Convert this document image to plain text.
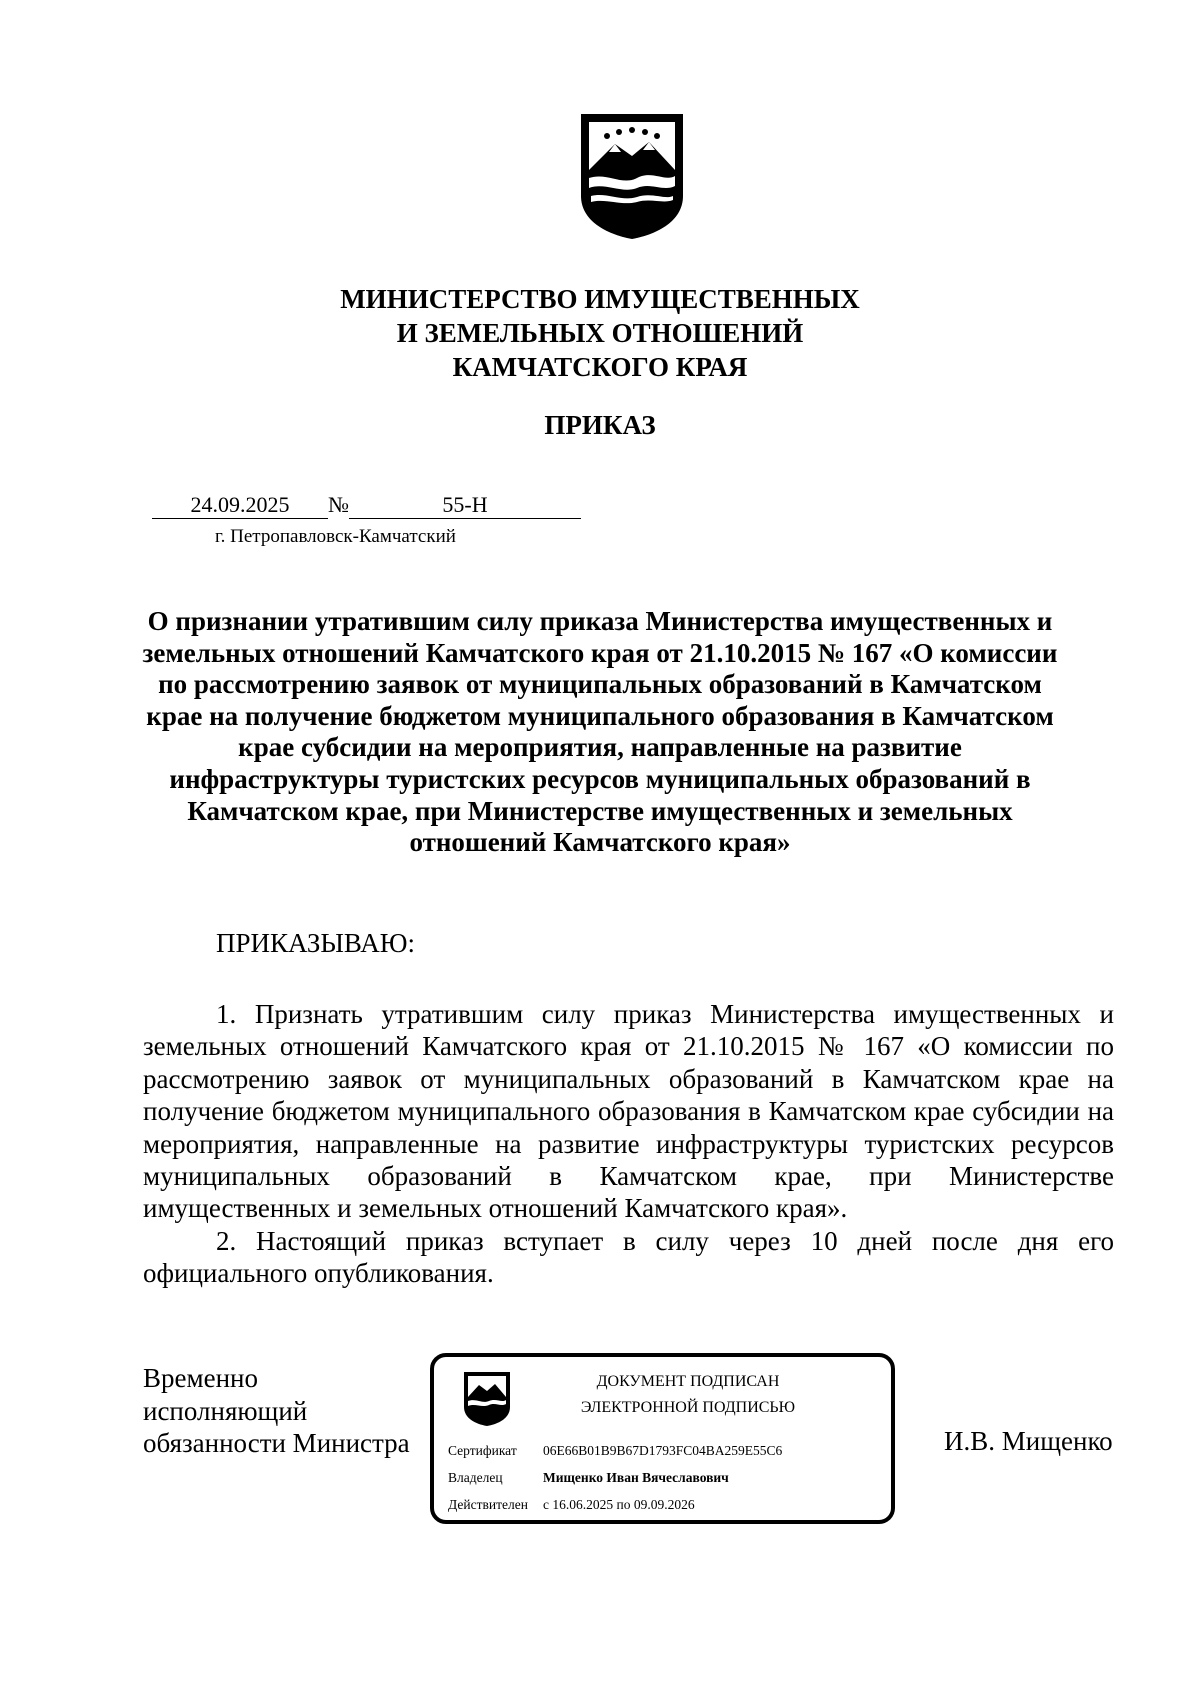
МИНИСТЕРСТВО ИМУЩЕСТВЕННЫХ
И ЗЕМЕЛЬНЫХ ОТНОШЕНИЙ
КАМЧАТСКОГО КРАЯ
ПРИКАЗ
24.09.2025 №	55-Н
г. Петропавловск-Камчатский
О признании утратившим силу приказа Министерства имущественных и земельных отношений Камчатского края от 21.10.2015 № 167 «О комиссии по рассмотрению заявок от муниципальных образований в Камчатском крае на получение бюджетом муниципального образования в Камчатском крае субсидии на мероприятия, направленные на развитие инфраструктуры туристских ресурсов муниципальных образований в Камчатском крае, при Министерстве имущественных и земельных отношений Камчатского края»
ПРИКАЗЫВАЮ:
1. Признать утратившим силу приказ Министерства имущественных и земельных отношений Камчатского края от 21.10.2015 № 167 «О комиссии по рассмотрению заявок от муниципальных образований в Камчатском крае на получение бюджетом муниципального образования в Камчатском крае субсидии на мероприятия, направленные на развитие инфраструктуры туристских ресурсов муниципальных образований в Камчатском крае, при Министерстве имущественных и земельных отношений Камчатского края».
2. Настоящий приказ вступает в силу через 10 дней после дня его официального опубликования.
Временно
исполняющий
обязанности Министра
ДОКУМЕНТ ПОДПИСАН
ЭЛЕКТРОННОЙ ПОДПИСЬЮ
Сертификат 06E66B01B9B67D1793FC04BA259E55C6
Владелец	Мищенко Иван Вячеславович
Действителен с 16.06.2025 по 09.09.2026
И.В. Мищенко
